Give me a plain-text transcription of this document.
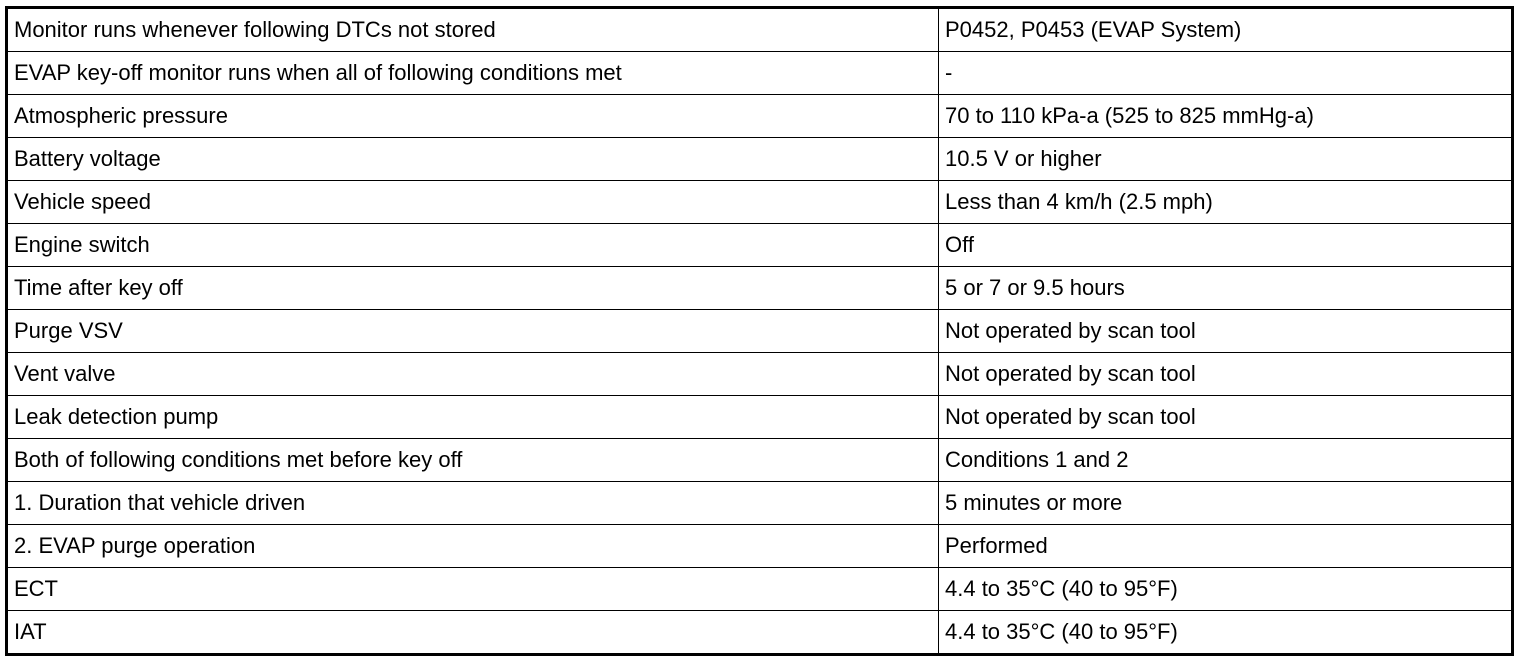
Monitor runs whenever following DTCs not stored	P0452, P0453 (EVAP System)
EVAP key-off monitor runs when all of following conditions met	-
Atmospheric pressure	70 to 110 kPa-a (525 to 825 mmHg-a)
Battery voltage	10.5 V or higher
Vehicle speed	Less than 4 km/h (2.5 mph)
Engine switch	Off
Time after key off	5 or 7 or 9.5 hours
Purge VSV	Not operated by scan tool
Vent valve	Not operated by scan tool
Leak detection pump	Not operated by scan tool
Both of following conditions met before key off	Conditions 1 and 2
1. Duration that vehicle driven	5 minutes or more
2. EVAP purge operation	Performed
ECT	4.4 to 35°C (40 to 95°F)
IAT	4.4 to 35°C (40 to 95°F)
